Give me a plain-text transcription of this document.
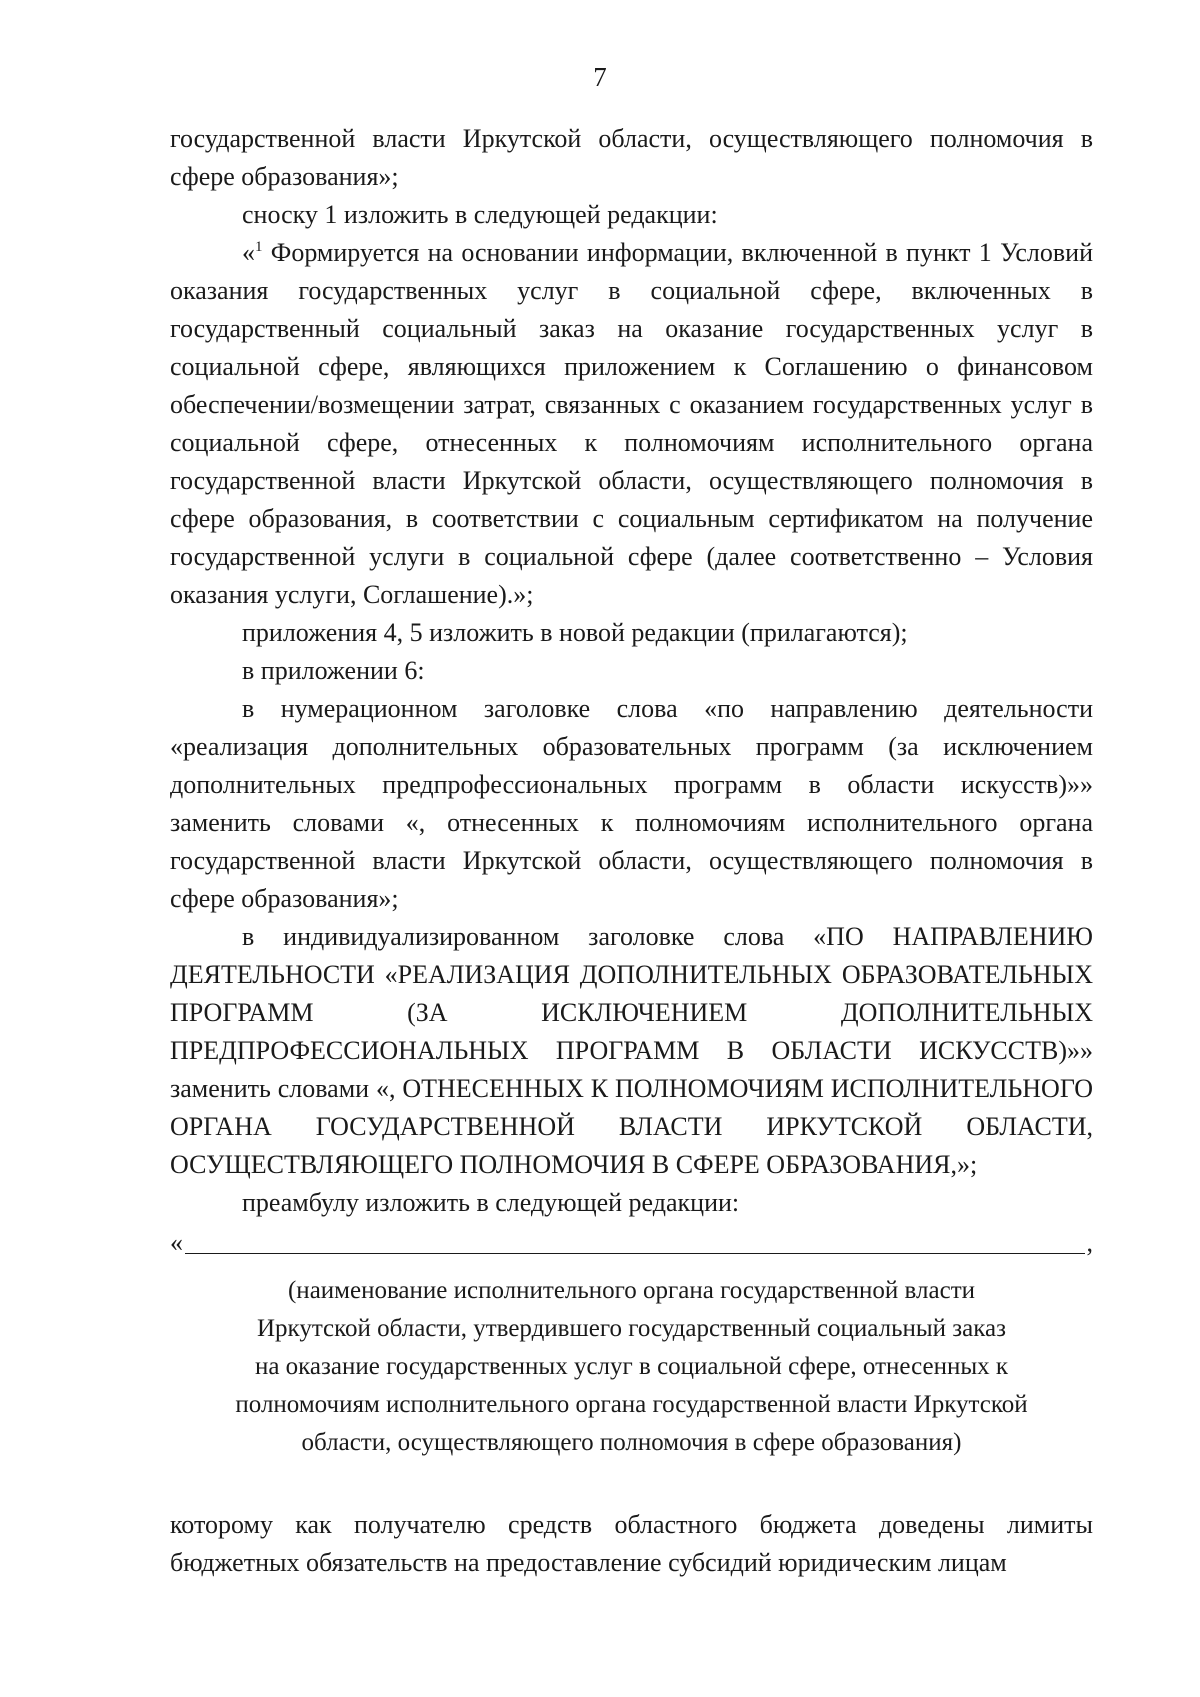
7

государственной власти Иркутской области, осуществляющего полномочия в сфере образования»;

сноску 1 изложить в следующей редакции:

«$^1$ Формируется на основании информации, включенной в пункт 1 Условий оказания государственных услуг в социальной сфере, включенных в государственный социальный заказ на оказание государственных услуг в социальной сфере, являющихся приложением к Соглашению о финансовом обеспечении/возмещении затрат, связанных с оказанием государственных услуг в социальной сфере, отнесенных к полномочиям исполнительного органа государственной власти Иркутской области, осуществляющего полномочия в сфере образования, в соответствии с социальным сертификатом на получение государственной услуги в социальной сфере (далее соответственно – Условия оказания услуги, Соглашение).»;

приложения 4, 5 изложить в новой редакции (прилагаются);

в приложении 6:

в нумерационном заголовке слова «по направлению деятельности «реализация дополнительных образовательных программ (за исключением дополнительных предпрофессиональных программ в области искусств)»» заменить словами «, отнесенных к полномочиям исполнительного органа государственной власти Иркутской области, осуществляющего полномочия в сфере образования»;

в индивидуализированном заголовке слова «ПО НАПРАВЛЕНИЮ ДЕЯТЕЛЬНОСТИ «РЕАЛИЗАЦИЯ ДОПОЛНИТЕЛЬНЫХ ОБРАЗОВАТЕЛЬНЫХ ПРОГРАММ (ЗА ИСКЛЮЧЕНИЕМ ДОПОЛНИТЕЛЬНЫХ ПРЕДПРОФЕССИОНАЛЬНЫХ ПРОГРАММ В ОБЛАСТИ ИСКУССТВ)»» заменить словами «, ОТНЕСЕННЫХ К ПОЛНОМОЧИЯМ ИСПОЛНИТЕЛЬНОГО ОРГАНА ГОСУДАРСТВЕННОЙ ВЛАСТИ ИРКУТСКОЙ ОБЛАСТИ, ОСУЩЕСТВЛЯЮЩЕГО ПОЛНОМОЧИЯ В СФЕРЕ ОБРАЗОВАНИЯ,»;

преамбулу изложить в следующей редакции:

«	,
(наименование исполнительного органа государственной власти
Иркутской области, утвердившего государственный социальный заказ
на оказание государственных услуг в социальной сфере, отнесенных к
полномочиям исполнительного органа государственной власти Иркутской
области, осуществляющего полномочия в сфере образования)

которому как получателю средств областного бюджета доведены лимиты бюджетных обязательств на предоставление субсидий юридическим лицам
